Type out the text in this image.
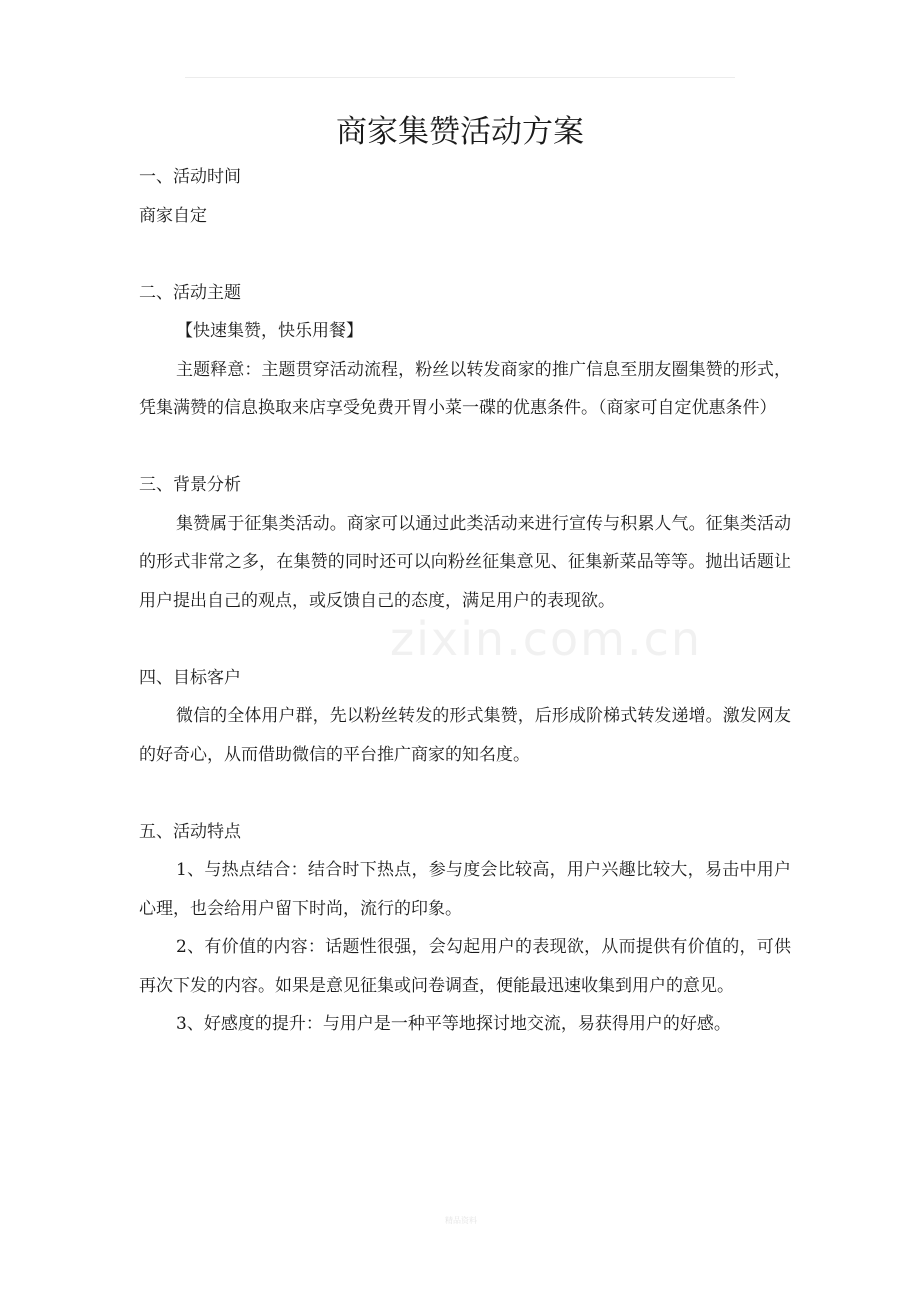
商家集赞活动方案
zixin.com.cn

一、活动时间

商家自定

二、活动主题

【快速集赞，快乐用餐】

主题释意：主题贯穿活动流程，粉丝以转发商家的推广信息至朋友圈集赞的形式，凭集满赞的信息换取来店享受免费开胃小菜一碟的优惠条件。（商家可自定优惠条件）

三、背景分析

集赞属于征集类活动。商家可以通过此类活动来进行宣传与积累人气。征集类活动的形式非常之多，在集赞的同时还可以向粉丝征集意见、征集新菜品等等。抛出话题让用户提出自己的观点，或反馈自己的态度，满足用户的表现欲。

四、目标客户

微信的全体用户群，先以粉丝转发的形式集赞，后形成阶梯式转发递增。激发网友的好奇心，从而借助微信的平台推广商家的知名度。

五、活动特点

1、与热点结合：结合时下热点，参与度会比较高，用户兴趣比较大，易击中用户心理，也会给用户留下时尚，流行的印象。

2、有价值的内容：话题性很强，会勾起用户的表现欲，从而提供有价值的，可供再次下发的内容。如果是意见征集或问卷调查，便能最迅速收集到用户的意见。

3、好感度的提升：与用户是一种平等地探讨地交流，易获得用户的好感。

精品资料
